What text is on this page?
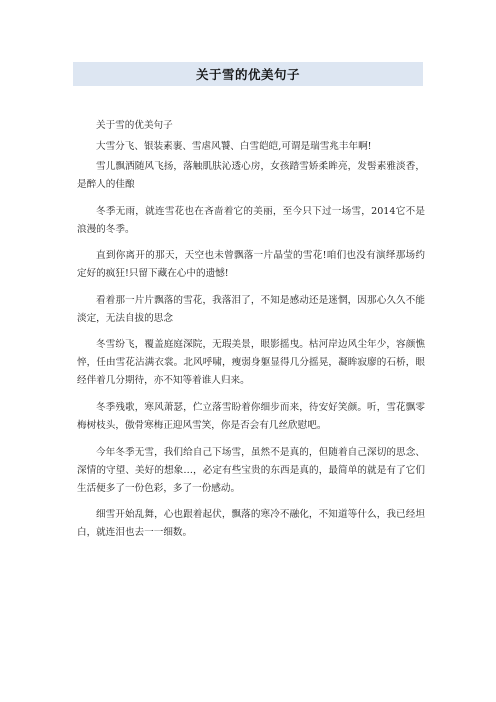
关于雪的优美句子

关于雪的优美句子

大雪分飞、银装素裹、雪虐风饕、白雪皑皑,可谓是瑞雪兆丰年啊!

雪儿飘洒随风飞扬，落触肌肤沁透心房，女孩踏雪娇柔眸亮，发髻素雅淡香，是醉人的佳酿

冬季无雨，就连雪花也在吝啬着它的美丽，至今只下过一场雪，2014它不是浪漫的冬季。

直到你离开的那天，天空也未曾飘落一片晶莹的雪花!咱们也没有演绎那场约定好的疯狂!只留下藏在心中的遗憾!

看着那一片片飘落的雪花，我落泪了，不知是感动还是迷惘，因那心久久不能淡定，无法自拔的思念

冬雪纷飞，覆盖庭庭深院，无瑕美景，眼影摇曳。枯河岸边风尘年少，容颜憔悴，任由雪花沾满衣裳。北风呼啸，瘦弱身躯显得几分摇晃，凝眸寂廖的石桥，眼经伴着几分期待，亦不知等着谁人归来。

冬季残歌，寒风萧瑟，伫立落雪盼着你细步而来，待安好笑颜。听，雪花飘零梅树枝头，傲骨寒梅正迎风雪笑，你是否会有几丝欣慰吧。

今年冬季无雪，我们给自己下场雪，虽然不是真的，但随着自己深切的思念、深情的守望、美好的想象…，必定有些宝贵的东西是真的，最简单的就是有了它们生活便多了一份色彩，多了一份感动。

细雪开始乱舞，心也跟着起伏，飘落的寒冷不融化，不知道等什么，我已经坦白，就连泪也去一一细数。
